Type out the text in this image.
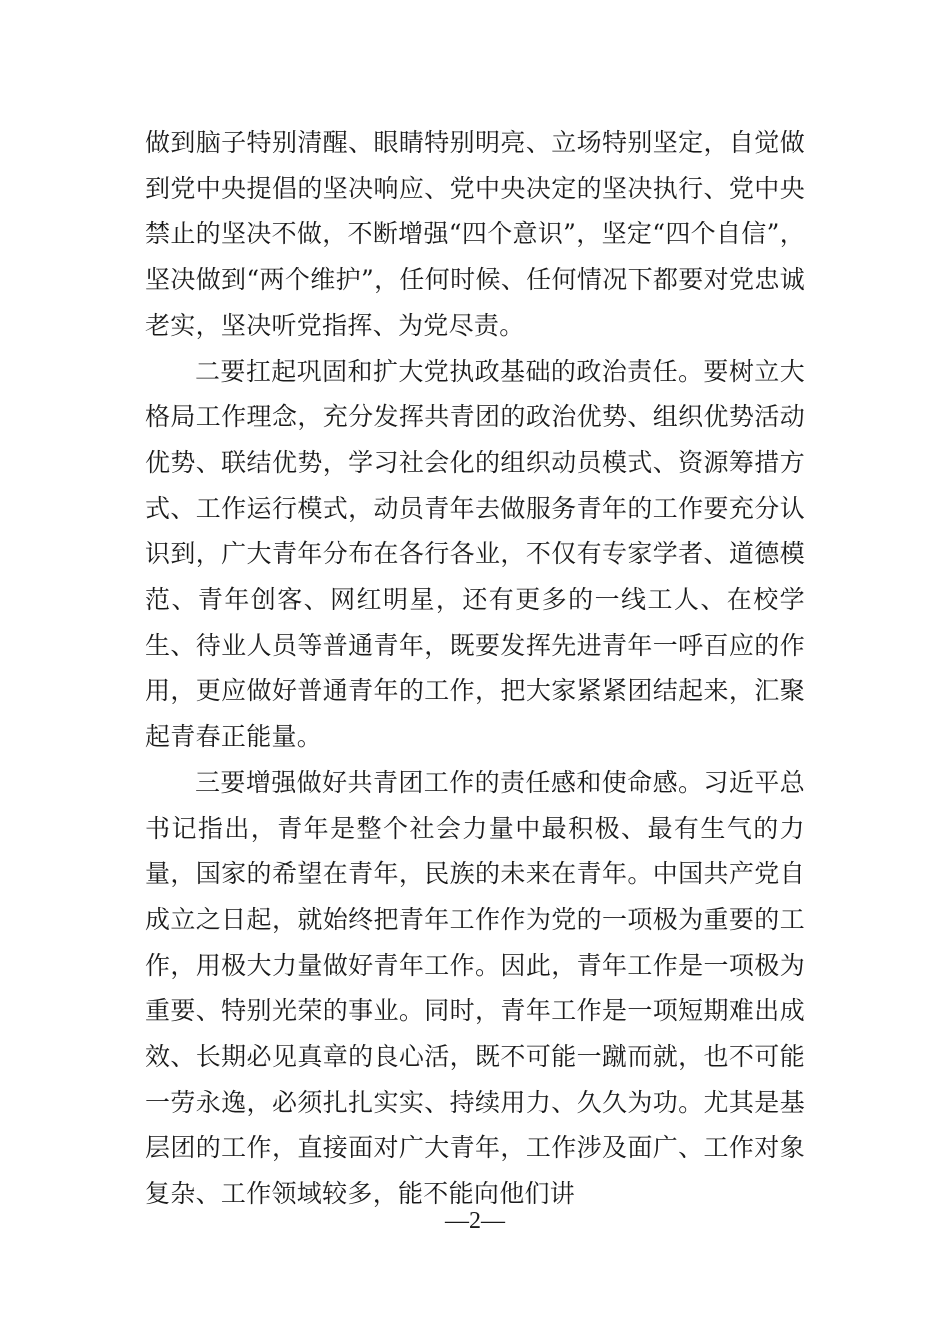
做到脑子特别清醒、眼睛特别明亮、立场特别坚定，自觉做到党中央提倡的坚决响应、党中央决定的坚决执行、党中央禁止的坚决不做，不断增强“四个意识”，坚定“四个自信”，坚决做到“两个维护”，任何时候、任何情况下都要对党忠诚老实，坚决听党指挥、为党尽责。

二要扛起巩固和扩大党执政基础的政治责任。要树立大格局工作理念，充分发挥共青团的政治优势、组织优势活动优势、联结优势，学习社会化的组织动员模式、资源筹措方式、工作运行模式，动员青年去做服务青年的工作要充分认识到，广大青年分布在各行各业，不仅有专家学者、道德模范、青年创客、网红明星，还有更多的一线工人、在校学生、待业人员等普通青年，既要发挥先进青年一呼百应的作用，更应做好普通青年的工作，把大家紧紧团结起来，汇聚起青春正能量。

三要增强做好共青团工作的责任感和使命感。习近平总书记指出，青年是整个社会力量中最积极、最有生气的力量，国家的希望在青年，民族的未来在青年。中国共产党自成立之日起，就始终把青年工作作为党的一项极为重要的工作，用极大力量做好青年工作。因此，青年工作是一项极为重要、特别光荣的事业。同时，青年工作是一项短期难出成效、长期必见真章的良心活，既不可能一蹴而就，也不可能一劳永逸，必须扎扎实实、持续用力、久久为功。尤其是基层团的工作，直接面对广大青年，工作涉及面广、工作对象复杂、工作领域较多，能不能向他们讲

—2—
